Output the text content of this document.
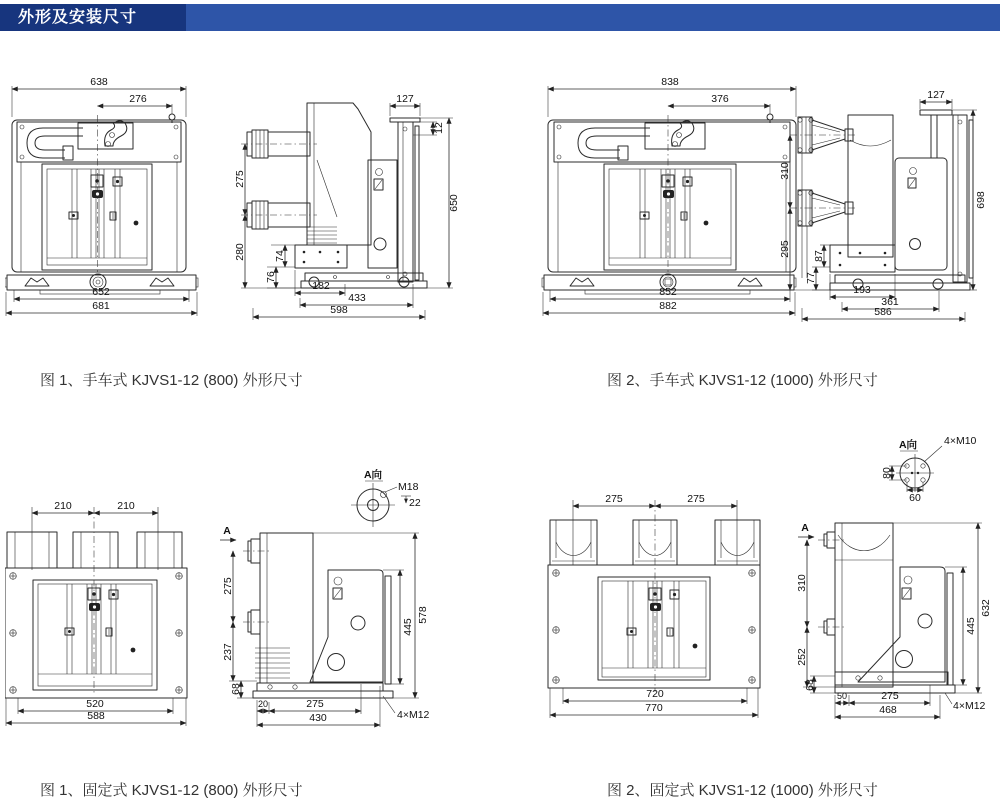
外形及安装尺寸
638
276
652
681
127
12
650
74
76
182
433
598
275
280
图 1、手车式 KJVS1-12 (800) 外形尺寸
838
376
852
882
127
698
87
77
193
361
586
310
295
图 2、手车式 KJVS1-12 (1000) 外形尺寸
A向
M18
22
210	210
520
588
A
275
237
68
445
578
20	275
430	4×M12
图 1、固定式 KJVS1-12 (800) 外形尺寸
A向	4×M10
80
60
275	275
720
770
A
310
252
68
445
632
50	275
468	4×M12
图 2、固定式 KJVS1-12 (1000) 外形尺寸
